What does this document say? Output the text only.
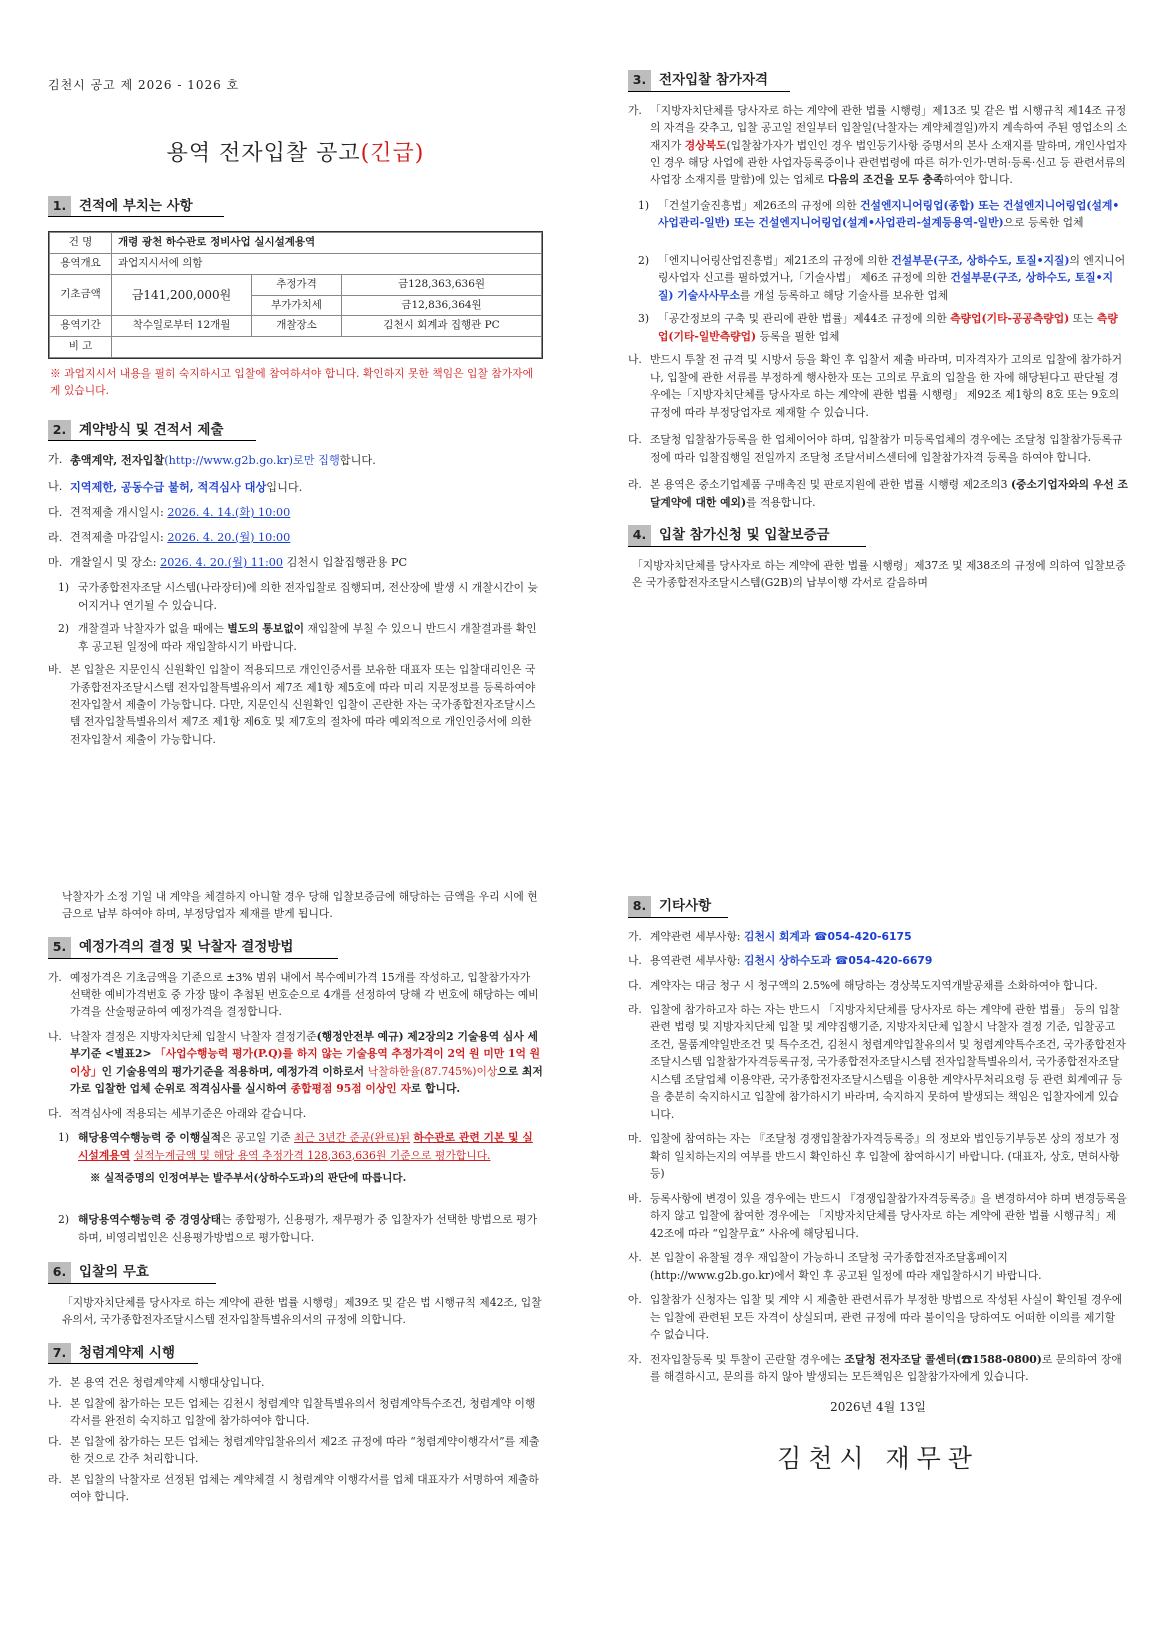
김천시 공고 제 2026 - 1026 호
용역 전자입찰 공고(긴급)
1. 견적에 부치는 사항
건 명	개령 광천 하수관로 정비사업 실시설계용역		
용역개요	과업지시서에 의함		
기초금액	금141,200,000원	추정가격	금128,363,636원
		부가가치세	금12,836,364원
용역기간	착수일로부터 12개월	개찰장소	김천시 회계과 집행관 PC
비 고			
※ 과업지시서 내용을 필히 숙지하시고 입찰에 참여하셔야 합니다. 확인하지 못한 책임은 입찰 참가자에게 있습니다.
2. 계약방식 및 견적서 제출
가. 총액계약, 전자입찰(http://www.g2b.go.kr)로만 집행합니다.
나. 지역제한, 공동수급 불허, 적격심사 대상입니다.
다. 견적제출 개시일시: 2026. 4. 14.(화) 10:00
라. 견적제출 마감일시: 2026. 4. 20.(월) 10:00
마. 개찰일시 및 장소: 2026. 4. 20.(월) 11:00 김천시 입찰집행관용 PC
1) 국가종합전자조달 시스템(나라장터)에 의한 전자입찰로 집행되며, 전산장에 발생 시 개찰시간이 늦어지거나 연기될 수 있습니다.
2) 개찰결과 낙찰자가 없을 때에는 별도의 통보없이 재입찰에 부칠 수 있으니 반드시 개찰결과를 확인 후 공고된 일정에 따라 재입찰하시기 바랍니다.
바. 본 입찰은 지문인식 신원확인 입찰이 적용되므로 개인인증서를 보유한 대표자 또는 입찰대리인은 국가종합전자조달시스템 전자입찰특별유의서 제7조 제1항 제5호에 따라 미리 지문정보를 등록하여야 전자입찰서 제출이 가능합니다. 다만, 지문인식 신원확인 입찰이 곤란한 자는 국가종합전자조달시스템 전자입찰특별유의서 제7조 제1항 제6호 및 제7호의 절차에 따라 예외적으로 개인인증서에 의한 전자입찰서 제출이 가능합니다.
3. 전자입찰 참가자격
가. 「지방자치단체를 당사자로 하는 계약에 관한 법률 시행령」제13조 및 같은 법 시행규칙 제14조 규정의 자격을 갖추고, 입찰 공고일 전일부터 입찰일(낙찰자는 계약체결일)까지 계속하여 주된 영업소의 소재지가 경상북도(입찰참가자가 법인인 경우 법인등기사항 증명서의 본사 소재지를 말하며, 개인사업자인 경우 해당 사업에 관한 사업자등록증이나 관련법령에 따른 허가·인가·면허·등록·신고 등 관련서류의 사업장 소재지를 말함)에 있는 업체로 다음의 조건을 모두 충족하여야 합니다.
1) 「건설기술진흥법」제26조의 규정에 의한 건설엔지니어링업(종합) 또는 건설엔지니어링업(설계•사업관리-일반) 또는 건설엔지니어링업(설계•사업관리-설계등용역-일반)으로 등록한 업체
2) 「엔지니어링산업진흥법」제21조의 규정에 의한 건설부문(구조, 상하수도, 토질•지질)의 엔지니어링사업자 신고를 필하였거나,「기술사법」 제6조 규정에 의한 건설부문(구조, 상하수도, 토질•지질) 기술사사무소를 개설 등록하고 해당 기술사를 보유한 업체
3) 「공간정보의 구축 및 관리에 관한 법률」제44조 규정에 의한 측량업(기타-공공측량업) 또는 측량업(기타-일반측량업) 등록을 필한 업체
나. 반드시 투찰 전 규격 및 시방서 등을 확인 후 입찰서 제출 바라며, 미자격자가 고의로 입찰에 참가하거나, 입찰에 관한 서류를 부정하게 행사한자 또는 고의로 무효의 입찰을 한 자에 해당된다고 판단될 경우에는「지방자치단체를 당사자로 하는 계약에 관한 법률 시행령」 제92조 제1항의 8호 또는 9호의 규정에 따라 부정당업자로 제재할 수 있습니다.
다. 조달청 입찰참가등록을 한 업체이어야 하며, 입찰참가 미등록업체의 경우에는 조달청 입찰참가등록규정에 따라 입찰집행일 전일까지 조달청 조달서비스센터에 입찰참가자격 등록을 하여야 합니다.
라. 본 용역은 중소기업제품 구매촉진 및 판로지원에 관한 법률 시행령 제2조의3 (중소기업자와의 우선 조달계약에 대한 예외)를 적용합니다.
4. 입찰 참가신청 및 입찰보증금
「지방자치단체를 당사자로 하는 계약에 관한 법률 시행령」제37조 및 제38조의 규정에 의하여 입찰보증은 국가종합전자조달시스템(G2B)의 납부이행 각서로 갈음하며
낙찰자가 소정 기일 내 계약을 체결하지 아니할 경우 당해 입찰보증금에 해당하는 금액을 우리 시에 현금으로 납부 하여야 하며, 부정당업자 제재를 받게 됩니다.
5. 예정가격의 결정 및 낙찰자 결정방법
가. 예정가격은 기초금액을 기준으로 ±3% 범위 내에서 복수예비가격 15개를 작성하고, 입찰참가자가 선택한 예비가격번호 중 가장 많이 추첨된 번호순으로 4개를 선정하여 당해 각 번호에 해당하는 예비가격을 산술평균하여 예정가격을 결정합니다.
나. 낙찰자 결정은 지방자치단체 입찰시 낙찰자 결정기준(행정안전부 예규) 제2장의2 기술용역 심사 세부기준 <별표2> 「사업수행능력 평가(P.Q)를 하지 않는 기술용역 추정가격이 2억 원 미만 1억 원 이상」인 기술용역의 평가기준을 적용하며, 예정가격 이하로서 낙찰하한율(87.745%)이상으로 최저가로 입찰한 업체 순위로 적격심사를 실시하여 종합평점 95점 이상인 자로 합니다.
다. 적격심사에 적용되는 세부기준은 아래와 같습니다.
1) 해당용역수행능력 중 이행실적은 공고일 기준 최근 3년간 준공(완료)된 하수관로 관련 기본 및 실시설계용역 실적누계금액 및 해당 용역 추정가격 128,363,636원 기준으로 평가합니다.
※ 실적증명의 인정여부는 발주부서(상하수도과)의 판단에 따릅니다.
2) 해당용역수행능력 중 경영상태는 종합평가, 신용평가, 재무평가 중 입찰자가 선택한 방법으로 평가하며, 비영리법인은 신용평가방법으로 평가합니다.
6. 입찰의 무효
「지방자치단체를 당사자로 하는 계약에 관한 법률 시행령」제39조 및 같은 법 시행규칙 제42조, 입찰유의서, 국가종합전자조달시스템 전자입찰특별유의서의 규정에 의합니다.
7. 청렴계약제 시행
가. 본 용역 건은 청렴계약제 시행대상입니다.
나. 본 입찰에 참가하는 모든 업체는 김천시 청렴계약 입찰특별유의서 청렴계약특수조건, 청렴계약 이행각서를 완전히 숙지하고 입찰에 참가하여야 합니다.
다. 본 입찰에 참가하는 모든 업체는 청렴계약입찰유의서 제2조 규정에 따라 “청렴계약이행각서”를 제출한 것으로 간주 처리합니다.
라. 본 입찰의 낙찰자로 선정된 업체는 계약체결 시 청렴계약 이행각서를 업체 대표자가 서명하여 제출하여야 합니다.
8. 기타사항
가. 계약관련 세부사항: 김천시 회계과 ☎054-420-6175
나. 용역관련 세부사항: 김천시 상하수도과 ☎054-420-6679
다. 계약자는 대금 청구 시 청구액의 2.5%에 해당하는 경상북도지역개발공채를 소화하여야 합니다.
라. 입찰에 참가하고자 하는 자는 반드시 「지방자치단체를 당사자로 하는 계약에 관한 법률」 등의 입찰관련 법령 및 지방자치단체 입찰 및 계약집행기준, 지방자치단체 입찰시 낙찰자 결정 기준, 입찰공고 조건, 물품계약일반조건 및 특수조건, 김천시 청렴계약입찰유의서 및 청렴계약특수조건, 국가종합전자조달시스템 입찰참가자격등록규정, 국가종합전자조달시스템 전자입찰특별유의서, 국가종합전자조달시스템 조달업체 이용약관, 국가종합전자조달시스템을 이용한 계약사무처리요령 등 관련 회계예규 등을 충분히 숙지하시고 입찰에 참가하시기 바라며, 숙지하지 못하여 발생되는 책임은 입찰자에게 있습니다.
마. 입찰에 참여하는 자는 『조달청 경쟁입찰참가자격등록증』의 정보와 법인등기부등본 상의 정보가 정확히 일치하는지의 여부를 반드시 확인하신 후 입찰에 참여하시기 바랍니다. (대표자, 상호, 면허사항 등)
바. 등록사항에 변경이 있을 경우에는 반드시 『경쟁입찰참가자격등록증』을 변경하셔야 하며 변경등록을 하지 않고 입찰에 참여한 경우에는 「지방자치단체를 당사자로 하는 계약에 관한 법률 시행규칙」제42조에 따라 “입찰무효” 사유에 해당됩니다.
사. 본 입찰이 유찰될 경우 재입찰이 가능하니 조달청 국가종합전자조달홈페이지(http://www.g2b.go.kr)에서 확인 후 공고된 일정에 따라 재입찰하시기 바랍니다.
아. 입찰참가 신청자는 입찰 및 계약 시 제출한 관련서류가 부정한 방법으로 작성된 사실이 확인될 경우에는 입찰에 관련된 모든 자격이 상실되며, 관련 규정에 따라 불이익을 당하여도 어떠한 이의를 제기할 수 없습니다.
자. 전자입찰등록 및 투찰이 곤란할 경우에는 조달청 전자조달 콜센터(☎1588-0800)로 문의하여 장애를 해결하시고, 문의를 하지 않아 발생되는 모든책임은 입찰참가자에게 있습니다.
2026년 4월 13일
김천시 재무관
